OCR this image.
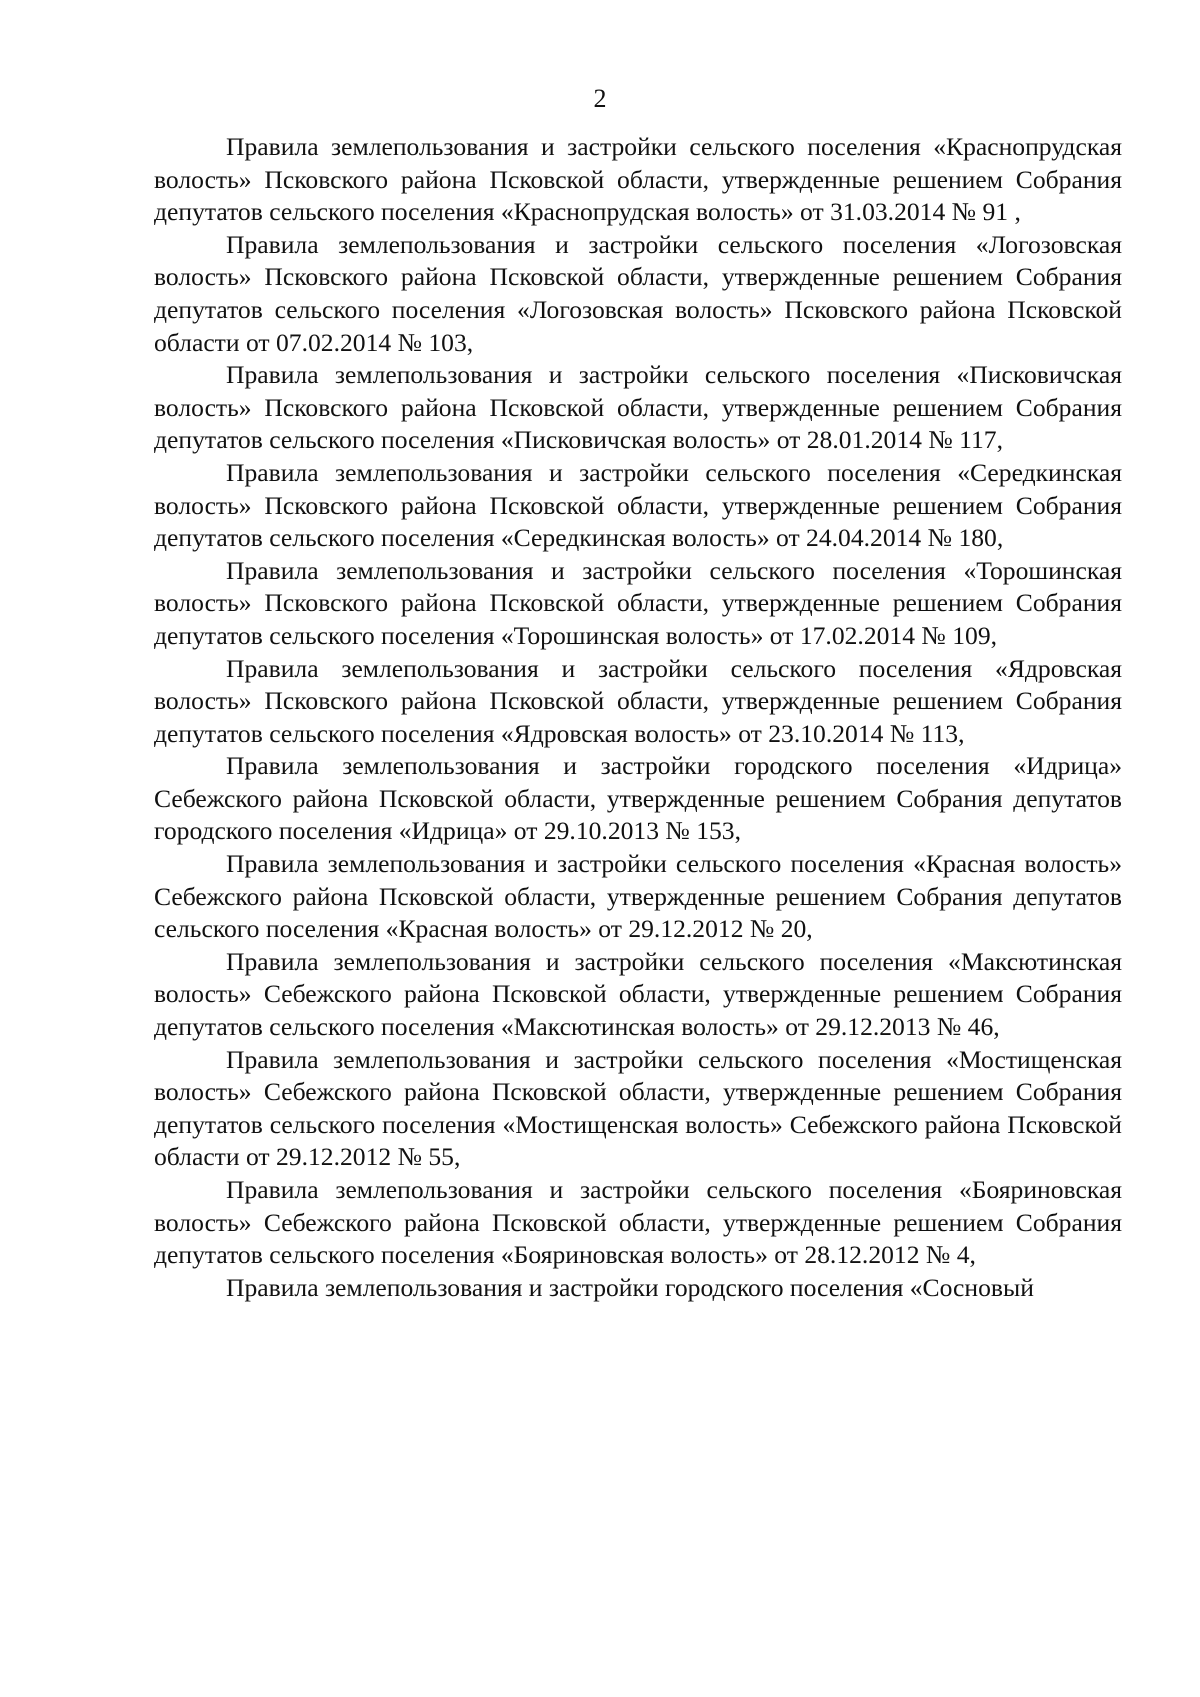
2

Правила землепользования и застройки сельского поселения «Краснопрудская волость» Псковского района Псковской области, утвержденные решением Собрания депутатов сельского поселения «Краснопрудская волость» от 31.03.2014 № 91 ,

Правила землепользования и застройки сельского поселения «Логозовская волость» Псковского района Псковской области, утвержденные решением Собрания депутатов сельского поселения «Логозовская волость» Псковского района Псковской области от 07.02.2014 № 103,

Правила землепользования и застройки сельского поселения «Писковичская волость» Псковского района Псковской области, утвержденные решением Собрания депутатов сельского поселения «Писковичская волость» от 28.01.2014 № 117,

Правила землепользования и застройки сельского поселения «Середкинская волость» Псковского района Псковской области, утвержденные решением Собрания депутатов сельского поселения «Середкинская волость» от 24.04.2014 № 180,

Правила землепользования и застройки сельского поселения «Торошинская волость» Псковского района Псковской области, утвержденные решением Собрания депутатов сельского поселения «Торошинская волость» от 17.02.2014 № 109,

Правила землепользования и застройки сельского поселения «Ядровская волость» Псковского района Псковской области, утвержденные решением Собрания депутатов сельского поселения «Ядровская волость» от 23.10.2014 № 113,

Правила землепользования и застройки городского поселения «Идрица» Себежского района Псковской области, утвержденные решением Собрания депутатов городского поселения «Идрица» от 29.10.2013 № 153,

Правила землепользования и застройки сельского поселения «Красная волость» Себежского района Псковской области, утвержденные решением Собрания депутатов сельского поселения «Красная волость» от 29.12.2012 № 20,

Правила землепользования и застройки сельского поселения «Максютинская волость» Себежского района Псковской области, утвержденные решением Собрания депутатов сельского поселения «Максютинская волость» от 29.12.2013 № 46,

Правила землепользования и застройки сельского поселения «Мостищенская волость» Себежского района Псковской области, утвержденные решением Собрания депутатов сельского поселения «Мостищенская волость» Себежского района Псковской области от 29.12.2012 № 55,

Правила землепользования и застройки сельского поселения «Бояриновская волость» Себежского района Псковской области, утвержденные решением Собрания депутатов сельского поселения «Бояриновская волость» от 28.12.2012 № 4,

Правила землепользования и застройки городского поселения «Сосновый
